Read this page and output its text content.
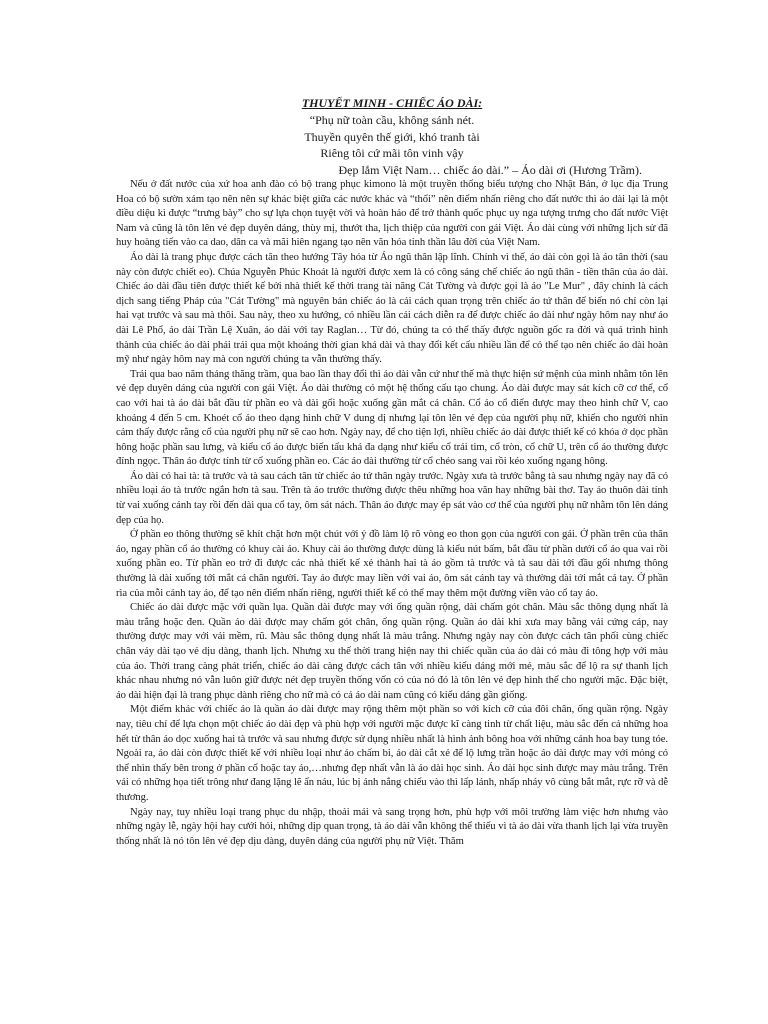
THUYẾT MINH - CHIẾC ÁO DÀI:
“Phụ nữ toàn cầu, không sánh nét.
Thuyền quyên thế giới, khó tranh tài
Riêng tôi cứ mãi tôn vinh vậy
Đẹp lắm Việt Nam… chiếc áo dài.” – Áo dài ơi (Hương Trầm).

Nếu ở đất nước của xứ hoa anh đào có bộ trang phục kimono là một truyền thống biểu tượng cho Nhật Bản, ở lục địa Trung Hoa có bộ sườn xám tạo nên nên sự khác biệt giữa các nước khác và “thổi” nên điểm nhấn riêng cho đất nước thì áo dài lại là một điều diệu kì được “trưng bày” cho sự lựa chọn tuyệt vời và hoàn hảo để trở thành quốc phục uy nga tượng trưng cho đất nước Việt Nam và cũng là tôn lên vẻ đẹp duyên dáng, thùy mị, thướt tha, lịch thiệp của người con gái Việt. Áo dài cùng với những lịch sử đã huy hoàng tiến vào ca dao, dân ca và mãi hiên ngang tạo nên văn hóa tinh thần lâu đời của Việt Nam.

Áo dài là trang phục được cách tân theo hướng Tây hóa từ Áo ngũ thân lập lĩnh. Chính vì thế, áo dài còn gọi là áo tân thời (sau này còn được chiết eo). Chúa Nguyễn Phúc Khoát là người được xem là có công sáng chế chiếc áo ngũ thân - tiền thân của áo dài. Chiếc áo dài đầu tiên được thiết kế bởi nhà thiết kế thời trang tài năng Cát Tường và được gọi là áo "Le Mur" , đây chính là cách dịch sang tiếng Pháp của "Cát Tường" mà nguyên bản chiếc áo là cải cách quan trọng trên chiếc áo tứ thân để biến nó chỉ còn lại hai vạt trước và sau mà thôi. Sau này, theo xu hướng, có nhiều lần cải cách diễn ra để được chiếc áo dài như ngày hôm nay như áo dài Lê Phổ, áo dài Trần Lệ Xuân, áo dài với tay Raglan… Từ đó, chúng ta có thể thấy được nguồn gốc ra đời và quá trình hình thành của chiếc áo dài phải trải qua một khoảng thời gian khá dài và thay đổi kết cấu nhiều lần để có thể tạo nên chiếc áo dài hoàn mỹ như ngày hôm nay mà con người chúng ta vẫn thường thấy.

Trải qua bao năm tháng thăng trầm, qua bao lần thay đổi thì áo dài vẫn cứ như thế mà thực hiện sứ mệnh của mình nhằm tôn lên vẻ đẹp duyên dáng của người con gái Việt. Áo dài thường có một hệ thống cấu tạo chung. Áo dài được may sát kích cỡ cơ thể, cổ cao với hai tà áo dài bắt đầu từ phần eo và dài gối hoặc xuống gần mắt cá chân. Cổ áo cổ điển được may theo hình chữ V, cao khoảng 4 đến 5 cm. Khoét cổ áo theo dạng hình chữ V dung dị nhưng lại tôn lên vẻ đẹp của người phụ nữ, khiến cho người nhìn cảm thấy được rằng cổ của người phụ nữ sẽ cao hơn. Ngày nay, để cho tiện lợi, nhiều chiếc áo dài được thiết kế có khóa ở dọc phần hông hoặc phần sau lưng, và kiểu cổ áo được biến tấu khá đa dạng như kiểu cổ trái tim, cổ tròn, cổ chữ U, trên cổ áo thường được đính ngọc. Thân áo được tính từ cổ xuống phần eo. Các áo dài thường từ cổ chéo sang vai rồi kéo xuống ngang hông.

Áo dài có hai tà: tà trước và tà sau cách tân từ chiếc áo tứ thân ngày trước. Ngày xưa tà trước bằng tà sau nhưng ngày nay đã có nhiều loại áo tà trước ngắn hơn tà sau. Trên tà áo trước thường được thêu những hoa văn hay những bài thơ. Tay áo thuôn dài tính từ vai xuống cánh tay rồi đến dài qua cổ tay, ôm sát nách. Thân áo được may ép sát vào cơ thể của người phụ nữ nhằm tôn lên dáng đẹp của họ.

Ở phần eo thông thường sẽ khít chặt hơn một chút với ý đồ làm lộ rõ vòng eo thon gọn của người con gái. Ở phần trên của thân áo, ngay phần cổ áo thường có khuy cài áo. Khuy cài áo thường được dùng là kiểu nút bấm, bắt đầu từ phần dưới cổ áo qua vai rồi xuống phần eo. Từ phần eo trở đi được các nhà thiết kế xẻ thành hai tà áo gồm tà trước và tà sau dài tới đầu gối nhưng thông thường là dài xuống tới mắt cá chân người. Tay áo được may liền với vai áo, ôm sát cánh tay và thường dài tới mắt cá tay. Ở phần rìa của mỗi cánh tay áo, để tạo nên điểm nhấn riêng, người thiết kế có thể may thêm một đường viền vào cổ tay áo.

Chiếc áo dài được mặc với quần lụa. Quần dài được may với ống quần rộng, dài chấm gót chân. Màu sắc thông dụng nhất là màu trắng hoặc đen. Quần áo dài được may chấm gót chân, ống quần rộng. Quần áo dài khi xưa may bằng vải cứng cáp, nay thường được may với vải mềm, rũ. Màu sắc thông dụng nhất là màu trắng. Nhưng ngày nay còn được cách tân phối cùng chiếc chân váy dài tạo vẻ dịu dàng, thanh lịch. Nhưng xu thế thời trang hiện nay thì chiếc quần của áo dài có màu đi tông hợp với màu của áo. Thời trang càng phát triển, chiếc áo dài càng được cách tân với nhiều kiểu dáng mới mẻ, màu sắc để lộ ra sự thanh lịch khác nhau nhưng nó vẫn luôn giữ được nét đẹp truyền thống vốn có của nó đó là tôn lên vẻ đẹp hình thể cho người mặc. Đặc biệt, áo dài hiện đại là trang phục dành riêng cho nữ mà có cả áo dài nam cũng có kiểu dáng gần giống.

Một điểm khác với chiếc áo là quần áo dài được may rộng thêm một phần so với kích cỡ của đôi chân, ống quần rộng. Ngày nay, tiêu chí để lựa chọn một chiếc áo dài đẹp và phù hợp với người mặc được kĩ càng tinh từ chất liệu, màu sắc đến cả những hoa hết từ thân áo dọc xuống hai tà trước và sau nhưng được sử dụng nhiều nhất là hình ảnh bông hoa với những cánh hoa bay tung tóe. Ngoài ra, áo dài còn được thiết kế với nhiều loại như áo chấm bi, áo dài cắt xẻ để lộ lưng trần hoặc áo dài được may với mỏng có thể nhìn thấy bên trong ở phần cổ hoặc tay áo,…nhưng đẹp nhất vẫn là áo dài học sinh. Áo dài học sinh được may màu trắng. Trên vải có những họa tiết trông như đang lặng lẽ ẩn náu, lúc bị ánh nắng chiếu vào thì lấp lánh, nhấp nháy vô cùng bắt mắt, rực rỡ và dễ thương.

Ngày nay, tuy nhiều loại trang phục du nhập, thoải mái và sang trọng hơn, phù hợp với môi trường làm việc hơn nhưng vào những ngày lễ, ngày hội hay cưới hỏi, những dịp quan trọng, tà áo dài vẫn không thể thiếu vì tà áo dài vừa thanh lịch lại vừa truyền thống nhất là nó tôn lên vẻ đẹp dịu dàng, duyên dáng của người phụ nữ Việt. Thăm
